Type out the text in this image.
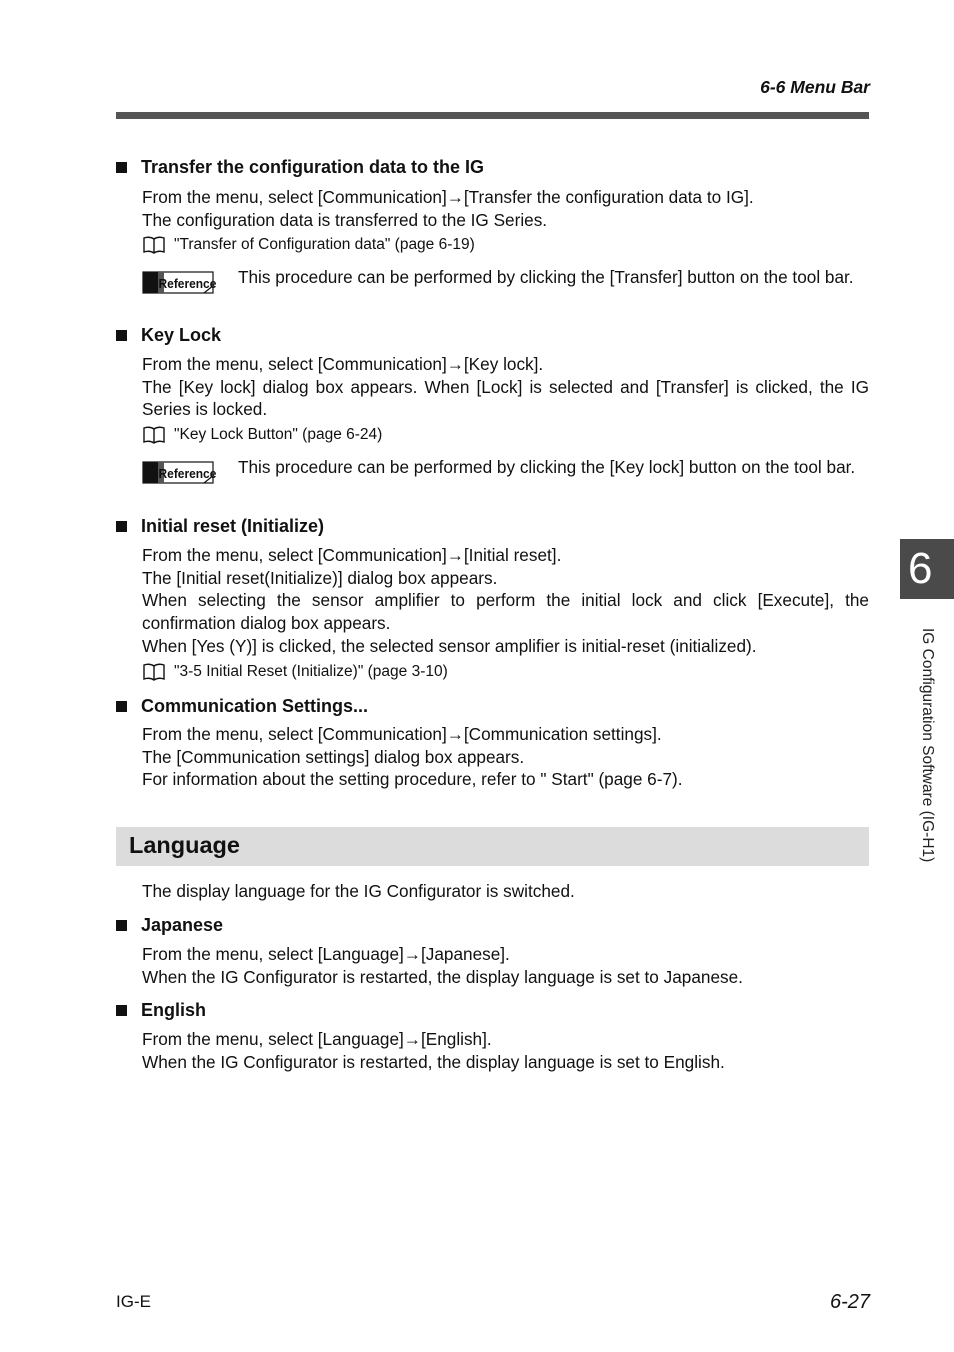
6-6 Menu Bar
Transfer the configuration data to the IG

From the menu, select [Communication]→[Transfer the configuration data to IG].

The configuration data is transferred to the IG Series.

"Transfer of Configuration data" (page 6-19)
Reference This procedure can be performed by clicking the [Transfer] button on the tool bar.
Key Lock

From the menu, select [Communication]→[Key lock].

The [Key lock] dialog box appears. When [Lock] is selected and [Transfer] is clicked, the IG Series is locked.

"Key Lock Button" (page 6-24)
Reference This procedure can be performed by clicking the [Key lock] button on the tool bar.
Initial reset (Initialize)

From the menu, select [Communication]→[Initial reset].

The [Initial reset(Initialize)] dialog box appears.

When selecting the sensor amplifier to perform the initial lock and click [Execute], the confirmation dialog box appears.

When [Yes (Y)] is clicked, the selected sensor amplifier is initial-reset (initialized).

"3-5 Initial Reset (Initialize)" (page 3-10)
Communication Settings...

From the menu, select [Communication]→[Communication settings].

The [Communication settings] dialog box appears.

For information about the setting procedure, refer to " Start" (page 6-7).

Language

The display language for the IG Configurator is switched.

Japanese

From the menu, select [Language]→[Japanese].

When the IG Configurator is restarted, the display language is set to Japanese.

English

From the menu, select [Language]→[English].

When the IG Configurator is restarted, the display language is set to English.

6
IG Configuration Software (IG-H1)
IG-E	6-27
